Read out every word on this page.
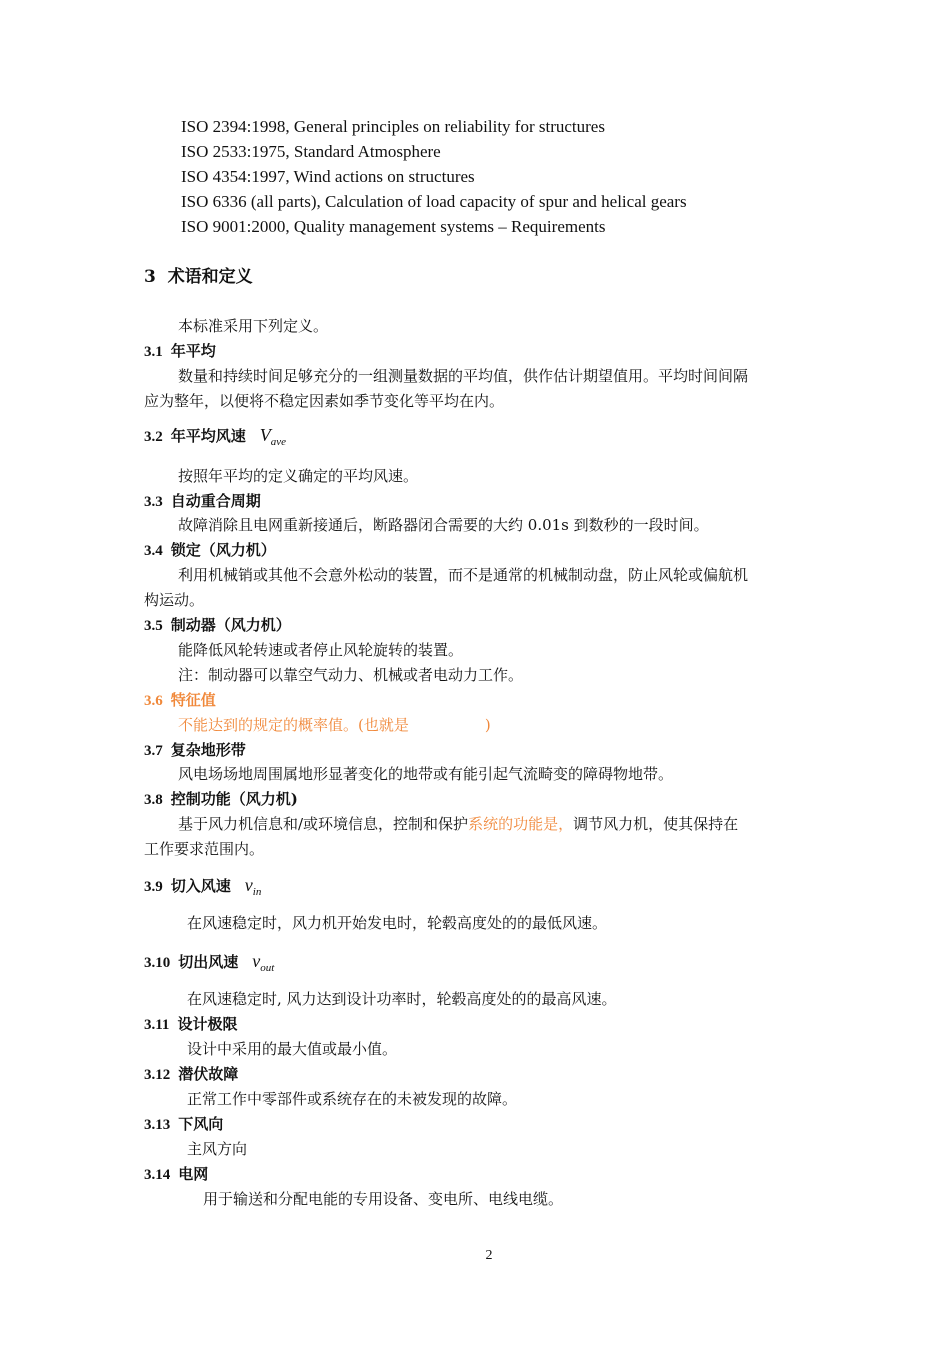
ISO 2394:1998, General principles on reliability for structures
ISO 2533:1975, Standard Atmosphere
ISO 4354:1997, Wind actions on structures
ISO 6336 (all parts), Calculation of load capacity of spur and helical gears
ISO 9001:2000, Quality management systems – Requirements
3 术语和定义
本标准采用下列定义。
3.1 年平均
数量和持续时间足够充分的一组测量数据的平均值，供作估计期望值用。平均时间间隔
应为整年，以便将不稳定因素如季节变化等平均在内。
3.2 年平均风速 $V_{ave}$
按照年平均的定义确定的平均风速。
3.3 自动重合周期
故障消除且电网重新接通后，断路器闭合需要的大约 0.01s 到数秒的一段时间。
3.4 锁定（风力机）
利用机械销或其他不会意外松动的装置，而不是通常的机械制动盘，防止风轮或偏航机
构运动。
3.5 制动器（风力机）
能降低风轮转速或者停止风轮旋转的装置。
注：制动器可以靠空气动力、机械或者电动力工作。
3.6 特征值
不能达到的规定的概率值。(也就是	)
3.7 复杂地形带
风电场场地周围属地形显著变化的地带或有能引起气流畸变的障碍物地带。
3.8 控制功能（风力机)
基于风力机信息和/或环境信息，控制和保护系统的功能是，调节风力机，使其保持在
工作要求范围内。
3.9 切入风速 $v_{in}$
在风速稳定时，风力机开始发电时，轮毂高度处的的最低风速。
3.10 切出风速 $v_{out}$
在风速稳定时, 风力达到设计功率时，轮毂高度处的的最高风速。
3.11 设计极限
设计中采用的最大值或最小值。
3.12 潜伏故障
正常工作中零部件或系统存在的未被发现的故障。
3.13 下风向
主风方向
3.14 电网
用于输送和分配电能的专用设备、变电所、电线电缆。
2
